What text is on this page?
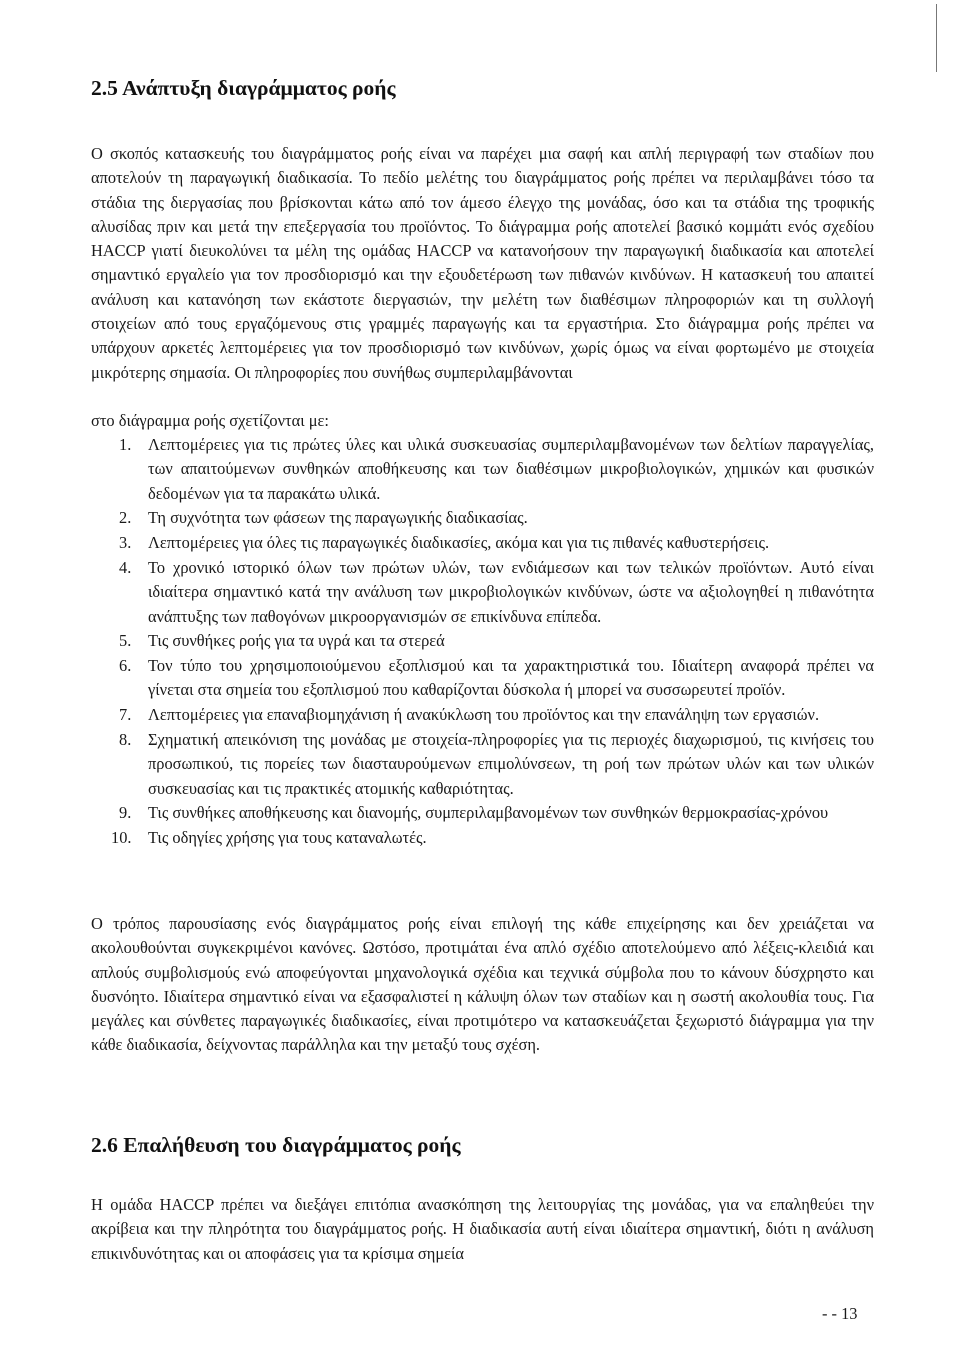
2.5 Ανάπτυξη διαγράμματος ροής

Ο σκοπός κατασκευής του διαγράμματος ροής είναι να παρέχει μια σαφή και απλή περιγραφή των σταδίων που αποτελούν τη παραγωγική διαδικασία. Το πεδίο μελέτης του διαγράμματος ροής πρέπει να περιλαμβάνει τόσο τα στάδια της διεργασίας που βρίσκονται κάτω από τον άμεσο έλεγχο της μονάδας, όσο και τα στάδια της τροφικής αλυσίδας πριν και μετά την επεξεργασία του προϊόντος. Το διάγραμμα ροής αποτελεί βασικό κομμάτι ενός σχεδίου HACCP γιατί διευκολύνει τα μέλη της ομάδας HACCP να κατανοήσουν την παραγωγική διαδικασία και αποτελεί σημαντικό εργαλείο για τον προσδιορισμό και την εξουδετέρωση των πιθανών κινδύνων. Η κατασκευή του απαιτεί ανάλυση και κατανόηση των εκάστοτε διεργασιών, την μελέτη των διαθέσιμων πληροφοριών και τη συλλογή στοιχείων από τους εργαζόμενους στις γραμμές παραγωγής και τα εργαστήρια. Στο διάγραμμα ροής πρέπει να υπάρχουν αρκετές λεπτομέρειες για τον προσδιορισμό των κινδύνων, χωρίς όμως να είναι φορτωμένο με στοιχεία μικρότερης σημασία. Οι πληροφορίες που συνήθως συμπεριλαμβάνονται

στο διάγραμμα ροής σχετίζονται με:
1. Λεπτομέρειες για τις πρώτες ύλες και υλικά συσκευασίας συμπεριλαμβανομένων των δελτίων παραγγελίας, των απαιτούμενων συνθηκών αποθήκευσης και των διαθέσιμων μικροβιολογικών, χημικών και φυσικών δεδομένων για τα παρακάτω υλικά.
2. Τη συχνότητα των φάσεων της παραγωγικής διαδικασίας.
3. Λεπτομέρειες για όλες τις παραγωγικές διαδικασίες, ακόμα και για τις πιθανές καθυστερήσεις.
4. Το χρονικό ιστορικό όλων των πρώτων υλών, των ενδιάμεσων και των τελικών προϊόντων. Αυτό είναι ιδιαίτερα σημαντικό κατά την ανάλυση των μικροβιολογικών κινδύνων, ώστε να αξιολογηθεί η πιθανότητα ανάπτυξης των παθογόνων μικροοργανισμών σε επικίνδυνα επίπεδα.
5. Τις συνθήκες ροής για τα υγρά και τα στερεά
6. Τον τύπο του χρησιμοποιούμενου εξοπλισμού και τα χαρακτηριστικά του. Ιδιαίτερη αναφορά πρέπει να γίνεται στα σημεία του εξοπλισμού που καθαρίζονται δύσκολα ή μπορεί να συσσωρευτεί προϊόν.
7. Λεπτομέρειες για επαναβιομηχάνιση ή ανακύκλωση του προϊόντος και την επανάληψη των εργασιών.
8. Σχηματική απεικόνιση της μονάδας με στοιχεία-πληροφορίες για τις περιοχές διαχωρισμού, τις κινήσεις του προσωπικού, τις πορείες των διασταυρούμενων επιμολύνσεων, τη ροή των πρώτων υλών και των υλικών συσκευασίας και τις πρακτικές ατομικής καθαριότητας.
9. Τις συνθήκες αποθήκευσης και διανομής, συμπεριλαμβανομένων των συνθηκών θερμοκρασίας-χρόνου
10. Τις οδηγίες χρήσης για τους καταναλωτές.

Ο τρόπος παρουσίασης ενός διαγράμματος ροής είναι επιλογή της κάθε επιχείρησης και δεν χρειάζεται να ακολουθούνται συγκεκριμένοι κανόνες. Ωστόσο, προτιμάται ένα απλό σχέδιο αποτελούμενο από λέξεις-κλειδιά και απλούς συμβολισμούς ενώ αποφεύγονται μηχανολογικά σχέδια και τεχνικά σύμβολα που το κάνουν δύσχρηστο και δυσνόητο. Ιδιαίτερα σημαντικό είναι να εξασφαλιστεί η κάλυψη όλων των σταδίων και η σωστή ακολουθία τους. Για μεγάλες και σύνθετες παραγωγικές διαδικασίες, είναι προτιμότερο να κατασκευάζεται ξεχωριστό διάγραμμα για την κάθε διαδικασία, δείχνοντας παράλληλα και την μεταξύ τους σχέση.

2.6 Επαλήθευση του διαγράμματος ροής

Η ομάδα HACCP πρέπει να διεξάγει επιτόπια ανασκόπηση της λειτουργίας της μονάδας, για να επαληθεύει την ακρίβεια και την πληρότητα του διαγράμματος ροής. Η διαδικασία αυτή είναι ιδιαίτερα σημαντική, διότι η ανάλυση επικινδυνότητας και οι αποφάσεις για τα κρίσιμα σημεία

- - 13
